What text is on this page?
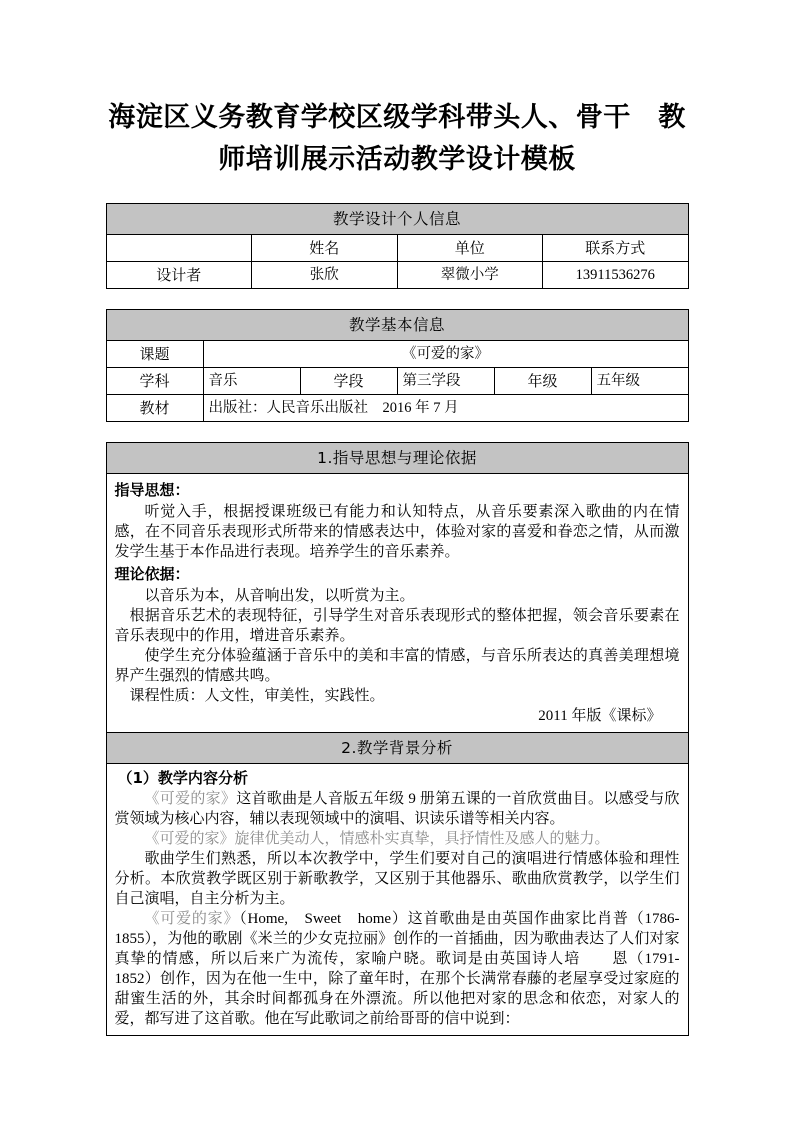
海淀区义务教育学校区级学科带头人、骨干　教师培训展示活动教学设计模板
教学设计个人信息			
	姓名	单位	联系方式
设计者	张欣	翠微小学	13911536276
教学基本信息					
课题	《可爱的家》				
学科	音乐	学段	第三学段	年级	五年级
教材	出版社：人民音乐出版社　2016 年 7 月				
1.指导思想与理论依据

指导思想：

听觉入手，根据授课班级已有能力和认知特点，从音乐要素深入歌曲的内在情感，在不同音乐表现形式所带来的情感表达中，体验对家的喜爱和眷恋之情，从而激发学生基于本作品进行表现。培养学生的音乐素养。

理论依据：

以音乐为本，从音响出发，以听赏为主。

根据音乐艺术的表现特征，引导学生对音乐表现形式的整体把握，领会音乐要素在音乐表现中的作用，增进音乐素养。

使学生充分体验蕴涵于音乐中的美和丰富的情感，与音乐所表达的真善美理想境界产生强烈的情感共鸣。

课程性质：人文性，审美性，实践性。

2011 年版《课标》

2.教学背景分析

（1）教学内容分析

《可爱的家》这首歌曲是人音版五年级 9 册第五课的一首欣赏曲目。以感受与欣赏领域为核心内容，辅以表现领域中的演唱、识读乐谱等相关内容。

《可爱的家》旋律优美动人，情感朴实真挚，具抒情性及感人的魅力。

歌曲学生们熟悉，所以本次教学中，学生们要对自己的演唱进行情感体验和理性分析。本欣赏教学既区别于新歌教学，又区别于其他器乐、歌曲欣赏教学，以学生们自己演唱，自主分析为主。

《可爱的家》（Home,　Sweet　home）这首歌曲是由英国作曲家比肖普（1786-1855），为他的歌剧《米兰的少女克拉丽》创作的一首插曲，因为歌曲表达了人们对家真挚的情感，所以后来广为流传，家喻户晓。歌词是由英国诗人培　　恩（1791-1852）创作，因为在他一生中，除了童年时，在那个长满常春藤的老屋享受过家庭的甜蜜生活的外，其余时间都孤身在外漂流。所以他把对家的思念和依恋，对家人的爱，都写进了这首歌。他在写此歌词之前给哥哥的信中说到：
